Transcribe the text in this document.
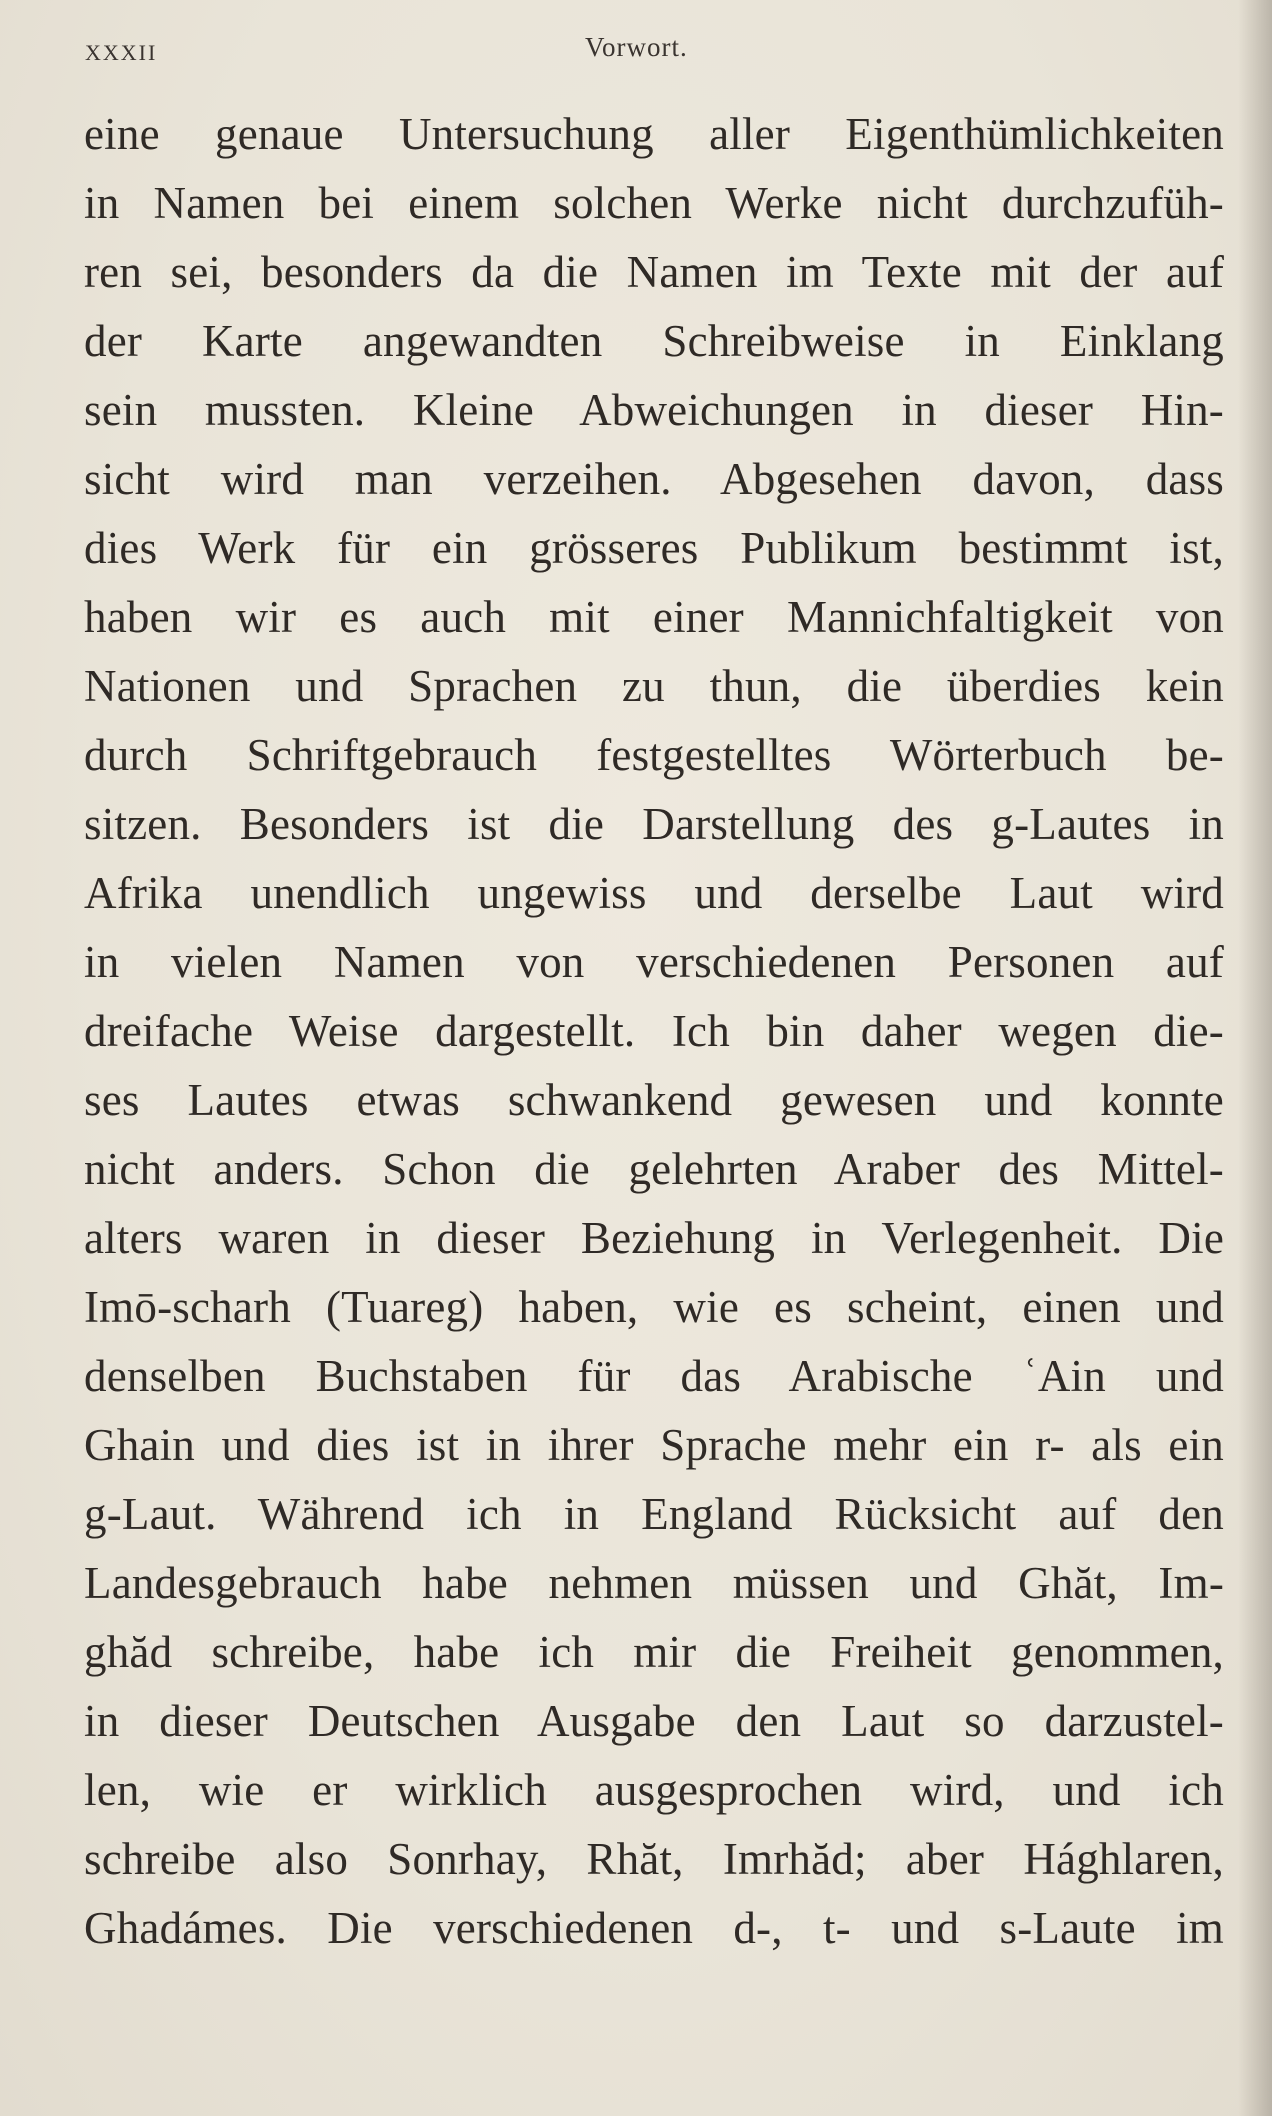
XXXII	Vorwort.
eine genaue Untersuchung aller Eigenthümlichkeiten
in Namen bei einem solchen Werke nicht durchzufüh-
ren sei, besonders da die Namen im Texte mit der auf
der Karte angewandten Schreibweise in Einklang
sein mussten. Kleine Abweichungen in dieser Hin-
sicht wird man verzeihen. Abgesehen davon, dass
dies Werk für ein grösseres Publikum bestimmt ist,
haben wir es auch mit einer Mannichfaltigkeit von
Nationen und Sprachen zu thun, die überdies kein
durch Schriftgebrauch festgestelltes Wörterbuch be-
sitzen. Besonders ist die Darstellung des g-Lautes in
Afrika unendlich ungewiss und derselbe Laut wird
in vielen Namen von verschiedenen Personen auf
dreifache Weise dargestellt. Ich bin daher wegen die-
ses Lautes etwas schwankend gewesen und konnte
nicht anders. Schon die gelehrten Araber des Mittel-
alters waren in dieser Beziehung in Verlegenheit. Die
Imō-scharh (Tuareg) haben, wie es scheint, einen und
denselben Buchstaben für das Arabische ʿAin und
Ghain und dies ist in ihrer Sprache mehr ein r- als ein
g-Laut. Während ich in England Rücksicht auf den
Landesgebrauch habe nehmen müssen und Ghăt, Im-
ghăd schreibe, habe ich mir die Freiheit genommen,
in dieser Deutschen Ausgabe den Laut so darzustel-
len, wie er wirklich ausgesprochen wird, und ich
schreibe also Sonrhay, Rhăt, Imrhăd; aber Hághlaren,
Ghadámes. Die verschiedenen d-, t- und s-Laute im
